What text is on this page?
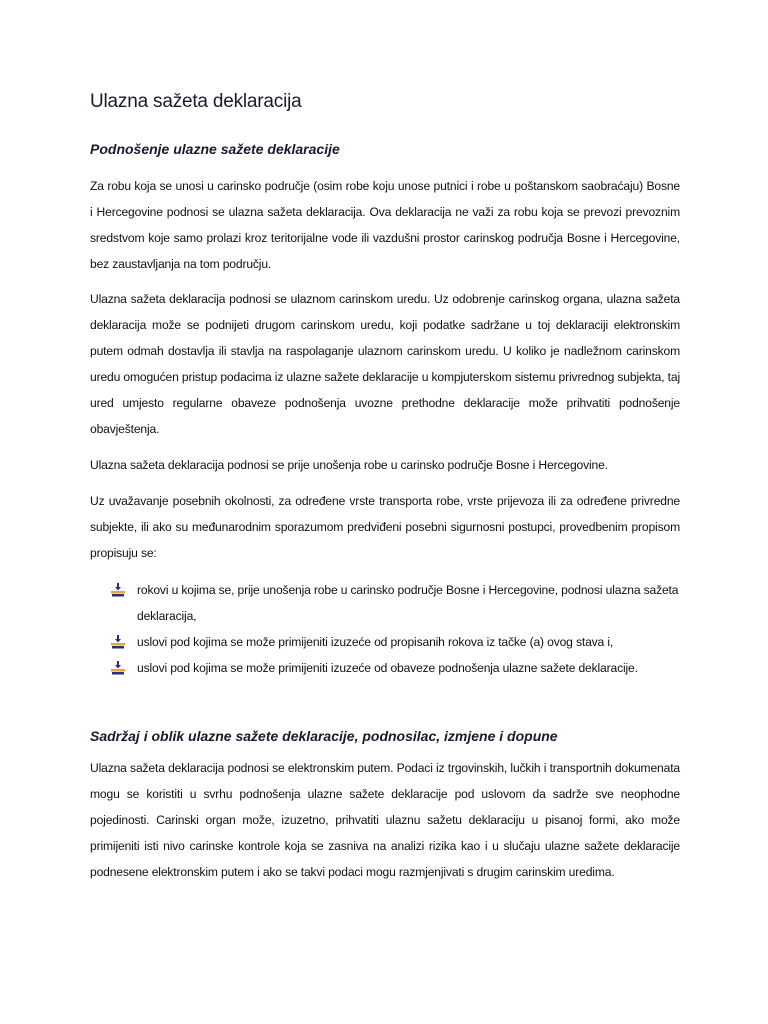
Ulazna sažeta deklaracija
Podnošenje ulazne sažete deklaracije

Za robu koja se unosi u carinsko područje (osim robe koju unose putnici i robe u poštanskom saobraćaju) Bosne i Hercegovine podnosi se ulazna sažeta deklaracija. Ova deklaracija ne važi za robu koja se prevozi prevoznim sredstvom koje samo prolazi kroz teritorijalne vode ili vazdušni prostor carinskog područja Bosne i Hercegovine, bez zaustavljanja na tom području.

Ulazna sažeta deklaracija podnosi se ulaznom carinskom uredu. Uz odobrenje carinskog organa, ulazna sažeta deklaracija može se podnijeti drugom carinskom uredu, koji podatke sadržane u toj deklaraciji elektronskim putem odmah dostavlja ili stavlja na raspolaganje ulaznom carinskom uredu. U koliko je nadležnom carinskom uredu omogućen pristup podacima iz ulazne sažete deklaracije u kompjuterskom sistemu privrednog subjekta, taj ured umjesto regularne obaveze podnošenja uvozne prethodne deklaracije može prihvatiti podnošenje obavještenja.

Ulazna sažeta deklaracija podnosi se prije unošenja robe u carinsko područje Bosne i Hercegovine.

Uz uvažavanje posebnih okolnosti, za određene vrste transporta robe, vrste prijevoza ili za određene privredne subjekte, ili ako su međunarodnim sporazumom predviđeni posebni sigurnosni postupci, provedbenim propisom propisuju se:

rokovi u kojima se, prije unošenja robe u carinsko područje Bosne i Hercegovine, podnosi ulazna sažeta deklaracija,
uslovi pod kojima se može primijeniti izuzeće od propisanih rokova iz tačke (a) ovog stava i,
uslovi pod kojima se može primijeniti izuzeće od obaveze podnošenja ulazne sažete deklaracije.
Sadržaj i oblik ulazne sažete deklaracije, podnosilac, izmjene i dopune

Ulazna sažeta deklaracija podnosi se elektronskim putem. Podaci iz trgovinskih, lučkih i transportnih dokumenata mogu se koristiti u svrhu podnošenja ulazne sažete deklaracije pod uslovom da sadrže sve neophodne pojedinosti. Carinski organ može, izuzetno, prihvatiti ulaznu sažetu deklaraciju u pisanoj formi, ako može primijeniti isti nivo carinske kontrole koja se zasniva na analizi rizika kao i u slučaju ulazne sažete deklaracije podnesene elektronskim putem i ako se takvi podaci mogu razmjenjivati s drugim carinskim uredima.
